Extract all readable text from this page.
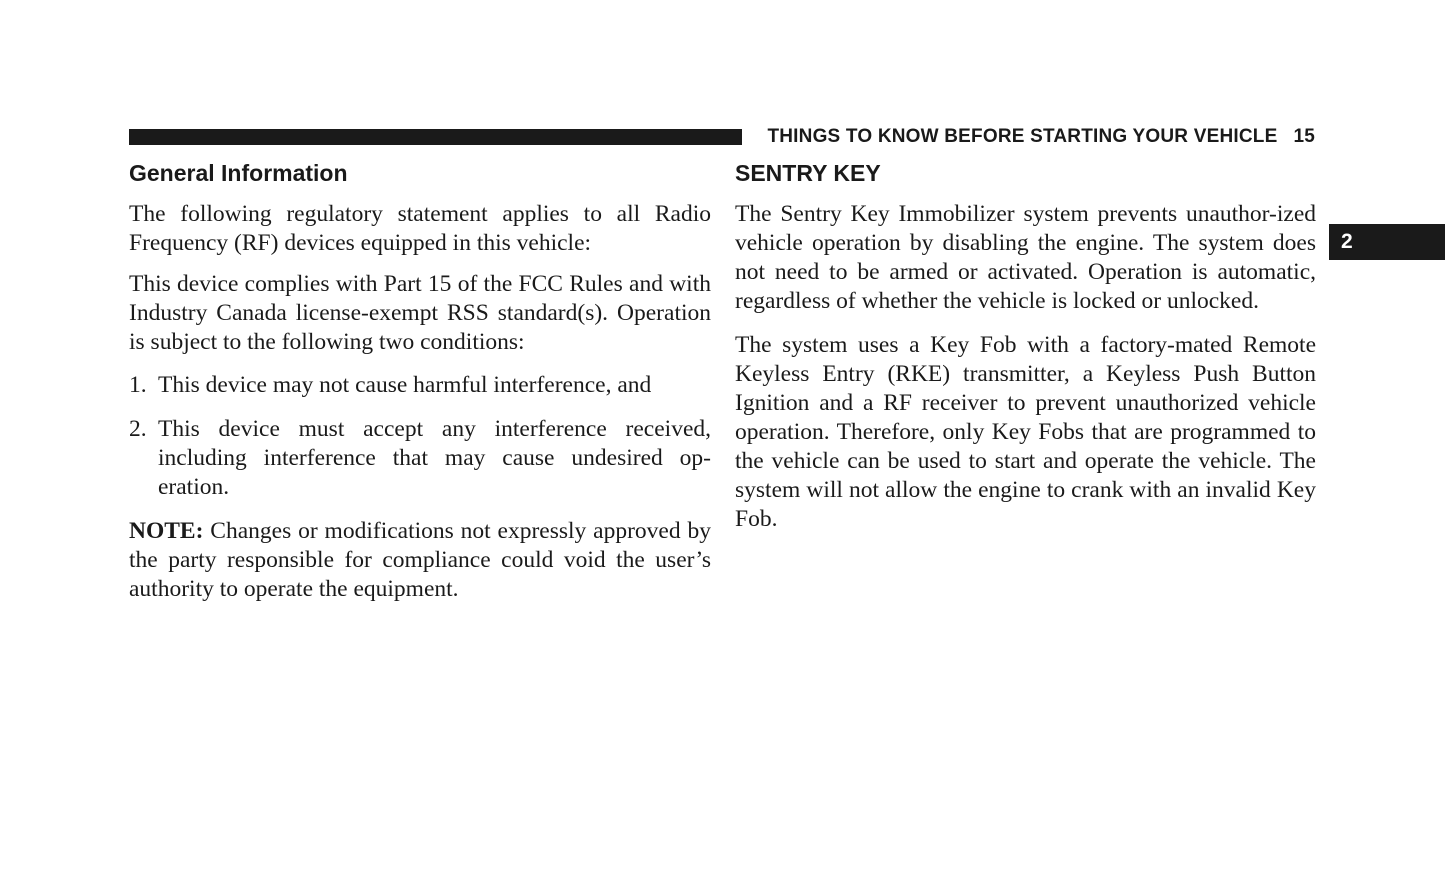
THINGS TO KNOW BEFORE STARTING YOUR VEHICLE 15
2
General Information

The following regulatory statement applies to all Radio Frequency (RF) devices equipped in this vehicle:

This device complies with Part 15 of the FCC Rules and with Industry Canada license-exempt RSS standard(s). Operation is subject to the following two conditions:

1. This device may not cause harmful interference, and
2. This device must accept any interference received, including interference that may cause undesired op-eration.

NOTE: Changes or modifications not expressly approved by the party responsible for compliance could void the user’s authority to operate the equipment.

SENTRY KEY

The Sentry Key Immobilizer system prevents unauthor-ized vehicle operation by disabling the engine. The system does not need to be armed or activated. Operation is automatic, regardless of whether the vehicle is locked or unlocked.

The system uses a Key Fob with a factory-mated Remote Keyless Entry (RKE) transmitter, a Keyless Push Button Ignition and a RF receiver to prevent unauthorized vehicle operation. Therefore, only Key Fobs that are programmed to the vehicle can be used to start and operate the vehicle. The system will not allow the engine to crank with an invalid Key Fob.
